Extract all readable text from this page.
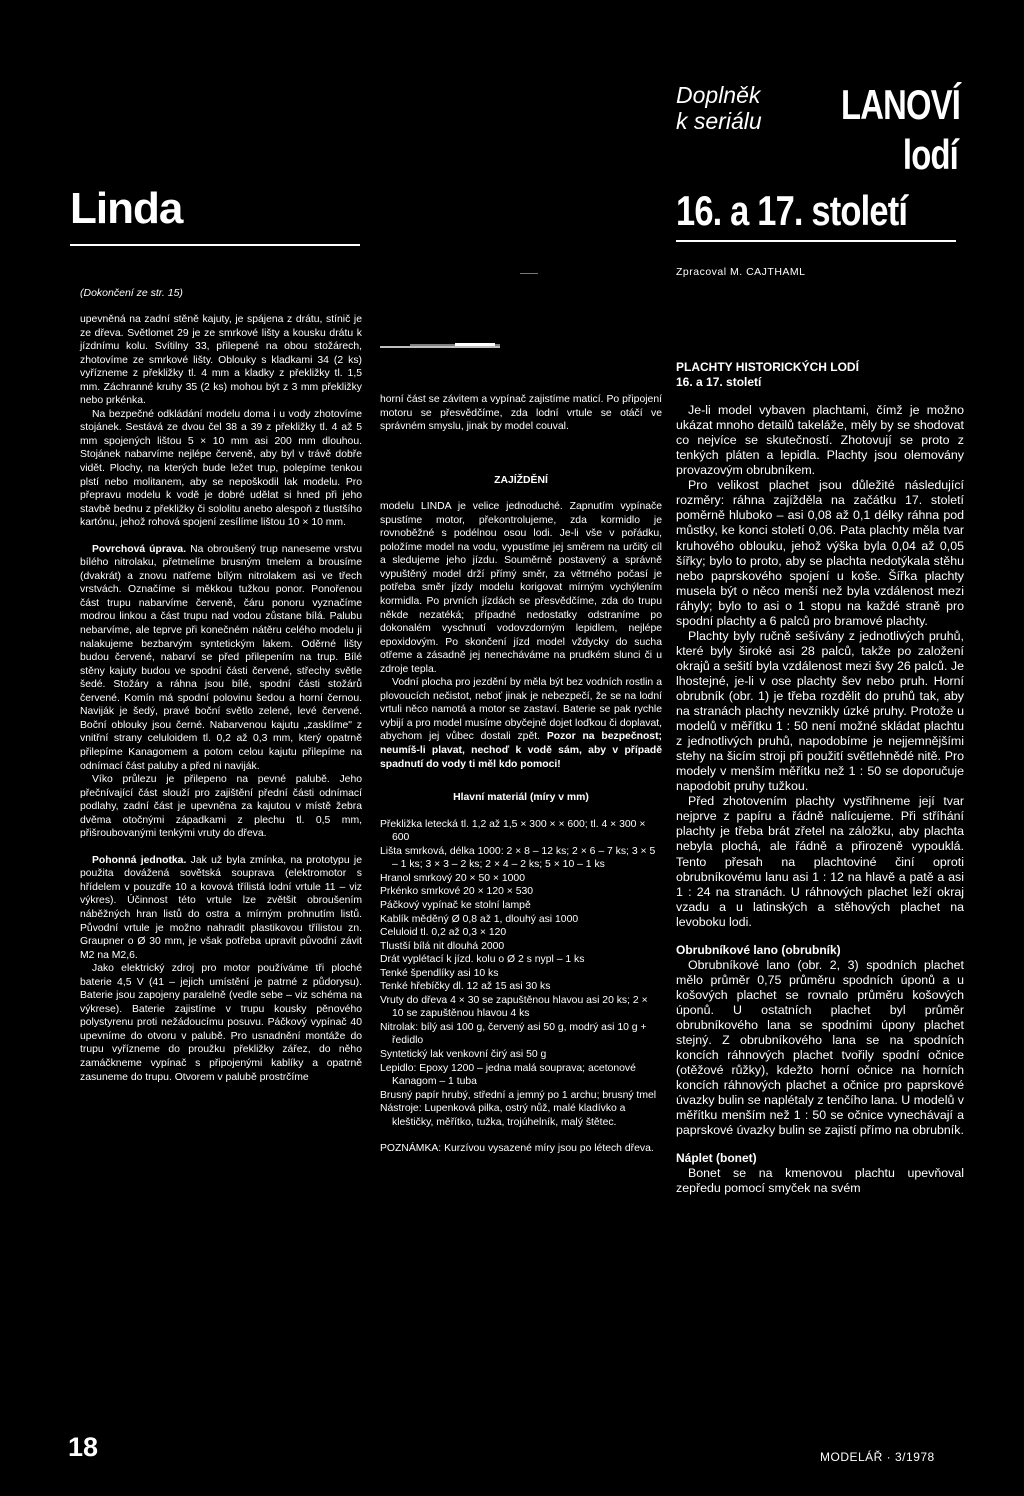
Linda
(Dokončení ze str. 15)
Doplněk
k seriálu LANOVÍ
lodí
16. a 17. století
Zpracoval M. CAJTHAML

upevněná na zadní stěně kajuty, je spájena z drátu, stínič je ze dřeva. Světlomet 29 je ze smrkové lišty a kousku drátu k jízdnímu kolu. Svítilny 33, přilepené na obou stožárech, zhotovíme ze smrkové lišty. Oblouky s kladkami 34 (2 ks) vyřízneme z překližky tl. 4 mm a kladky z překližky tl. 1,5 mm. Záchranné kruhy 35 (2 ks) mohou být z 3 mm překližky nebo prkénka.

Na bezpečné odkládání modelu doma i u vody zhotovíme stojánek. Sestává ze dvou čel 38 a 39 z překližky tl. 4 až 5 mm spojených lištou 5 × 10 mm asi 200 mm dlouhou. Stojánek nabarvíme nejlépe červeně, aby byl v trávě dobře vidět. Plochy, na kterých bude ležet trup, polepíme tenkou plstí nebo molitanem, aby se nepoškodil lak modelu. Pro přepravu modelu k vodě je dobré udělat si hned při jeho stavbě bednu z překližky či sololitu anebo alespoň z tlustšího kartónu, jehož rohová spojení zesílíme lištou 10 × 10 mm.

Povrchová úprava. Na obroušený trup naneseme vrstvu bílého nitrolaku, přetmelíme brusným tmelem a brousíme (dvakrát) a znovu natřeme bílým nitrolakem asi ve třech vrstvách. Označíme si měkkou tužkou ponor. Ponořenou část trupu nabarvíme červeně, čáru ponoru vyznačíme modrou linkou a část trupu nad vodou zůstane bílá. Palubu nebarvíme, ale teprve při konečném nátěru celého modelu ji nalakujeme bezbarvým syntetickým lakem. Oděrné lišty budou červené, nabarví se před přilepením na trup. Bílé stěny kajuty budou ve spodní části červené, střechy světle šedé. Stožáry a ráhna jsou bílé, spodní části stožárů červené. Komín má spodní polovinu šedou a horní černou. Naviják je šedý, pravé boční světlo zelené, levé červené. Boční oblouky jsou černé. Nabarvenou kajutu „zasklíme" z vnitřní strany celuloidem tl. 0,2 až 0,3 mm, který opatrně přilepíme Kanagomem a potom celou kajutu přilepíme na odnímací část paluby a před ni naviják.

Víko průlezu je přilepeno na pevné palubě. Jeho přečnívající část slouží pro zajištění přední části odnímací podlahy, zadní část je upevněna za kajutou v místě žebra dvěma otočnými západkami z plechu tl. 0,5 mm, přišroubovanými tenkými vruty do dřeva.

Pohonná jednotka. Jak už byla zmínka, na prototypu je použita dovážená sovětská souprava (elektromotor s hřídelem v pouzdře 10 a kovová třílistá lodní vrtule 11 – viz výkres). Účinnost této vrtule lze zvětšit obroušením náběžných hran listů do ostra a mírným prohnutím listů. Původní vrtule je možno nahradit plastikovou třílistou zn. Graupner o Ø 30 mm, je však potřeba upravit původní závit M2 na M2,6.

Jako elektrický zdroj pro motor používáme tři ploché baterie 4,5 V (41 – jejich umístění je patrné z půdorysu). Baterie jsou zapojeny paralelně (vedle sebe – viz schéma na výkrese). Baterie zajistíme v trupu kousky pěnového polystyrenu proti nežádoucímu posuvu. Páčkový vypínač 40 upevníme do otvoru v palubě. Pro usnadnění montáže do trupu vyřízneme do proužku překližky zářez, do něho zamáčkneme vypínač s připojenými kablíky a opatrně zasuneme do trupu. Otvorem v palubě prostrčíme

horní část se závitem a vypínač zajistíme maticí. Po připojení motoru se přesvědčíme, zda lodní vrtule se otáčí ve správném smyslu, jinak by model couval.

ZAJÍŽDĚNÍ

modelu LINDA je velice jednoduché. Zapnutím vypínače spustíme motor, překontrolujeme, zda kormidlo je rovnoběžné s podélnou osou lodi. Je-li vše v pořádku, položíme model na vodu, vypustíme jej směrem na určitý cíl a sledujeme jeho jízdu. Souměrně postavený a správně vypuštěný model drží přímý směr, za větrného počasí je potřeba směr jízdy modelu korigovat mírným vychýlením kormidla. Po prvních jízdách se přesvědčíme, zda do trupu někde nezatéká; případné nedostatky odstraníme po dokonalém vyschnutí vodovzdorným lepidlem, nejlépe epoxidovým. Po skončení jízd model vždycky do sucha otřeme a zásadně jej nenecháváme na prudkém slunci či u zdroje tepla.

Vodní plocha pro jezdění by měla být bez vodních rostlin a plovoucích nečistot, neboť jinak je nebezpečí, že se na lodní vrtuli něco namotá a motor se zastaví. Baterie se pak rychle vybijí a pro model musíme obyčejně dojet loďkou či doplavat, abychom jej vůbec dostali zpět. Pozor na bezpečnost; neumíš-li plavat, nechoď k vodě sám, aby v případě spadnutí do vody ti měl kdo pomoci!

Hlavní materiál (míry v mm)

Překližka letecká tl. 1,2 až 1,5 × 300 × × 600; tl. 4 × 300 × 600
Lišta smrková, délka 1000: 2 × 8 – 12 ks; 2 × 6 – 7 ks; 3 × 5 – 1 ks; 3 × 3 – 2 ks; 2 × 4 – 2 ks; 5 × 10 – 1 ks
Hranol smrkový 20 × 50 × 1000
Prkénko smrkové 20 × 120 × 530
Páčkový vypínač ke stolní lampě
Kablík měděný Ø 0,8 až 1, dlouhý asi 1000
Celuloid tl. 0,2 až 0,3 × 120
Tlustší bílá nit dlouhá 2000
Drát vyplétací k jízd. kolu o Ø 2 s nypl – 1 ks
Tenké špendlíky asi 10 ks
Tenké hřebíčky dl. 12 až 15 asi 30 ks
Vruty do dřeva 4 × 30 se zapuštěnou hlavou asi 20 ks; 2 × 10 se zapuštěnou hlavou 4 ks
Nitrolak: bílý asi 100 g, červený asi 50 g, modrý asi 10 g + ředidlo
Syntetický lak venkovní čirý asi 50 g
Lepidlo: Epoxy 1200 – jedna malá souprava; acetonové Kanagom – 1 tuba
Brusný papír hrubý, střední a jemný po 1 archu; brusný tmel
Nástroje: Lupenková pilka, ostrý nůž, malé kladívko a kleštičky, měřítko, tužka, trojúhelník, malý štětec.

POZNÁMKA: Kurzívou vysazené míry jsou po létech dřeva.

PLACHTY HISTORICKÝCH LODÍ

16. a 17. století

Je-li model vybaven plachtami, čímž je možno ukázat mnoho detailů takeláže, měly by se shodovat co nejvíce se skutečností. Zhotovují se proto z tenkých pláten a lepidla. Plachty jsou olemovány provazovým obrubníkem.

Pro velikost plachet jsou důležité následující rozměry: ráhna zajížděla na začátku 17. století poměrně hluboko – asi 0,08 až 0,1 délky ráhna pod můstky, ke konci století 0,06. Pata plachty měla tvar kruhového oblouku, jehož výška byla 0,04 až 0,05 šířky; bylo to proto, aby se plachta nedotýkala stěhu nebo paprskového spojení u koše. Šířka plachty musela být o něco menší než byla vzdálenost mezi ráhyly; bylo to asi o 1 stopu na každé straně pro spodní plachty a 6 palců pro bramové plachty.

Plachty byly ručně sešívány z jednotlivých pruhů, které byly široké asi 28 palců, takže po založení okrajů a sešití byla vzdálenost mezi švy 26 palců. Je lhostejné, je-li v ose plachty šev nebo pruh. Horní obrubník (obr. 1) je třeba rozdělit do pruhů tak, aby na stranách plachty nevznikly úzké pruhy. Protože u modelů v měřítku 1 : 50 není možné skládat plachtu z jednotlivých pruhů, napodobíme je nejjemnějšími stehy na šicím stroji při použití světlehnědé nitě. Pro modely v menším měřítku než 1 : 50 se doporučuje napodobit pruhy tužkou.

Před zhotovením plachty vystřihneme její tvar nejprve z papíru a řádně nalícujeme. Při stříhání plachty je třeba brát zřetel na záložku, aby plachta nebyla plochá, ale řádně a přirozeně vypouklá. Tento přesah na plachtoviné činí oproti obrubníkovému lanu asi 1 : 12 na hlavě a patě a asi 1 : 24 na stranách. U ráhnových plachet leží okraj vzadu a u latinských a stěhových plachet na levoboku lodi.

Obrubníkové lano (obrubník)

Obrubníkové lano (obr. 2, 3) spodních plachet mělo průměr 0,75 průměru spodních úponů a u košových plachet se rovnalo průměru košových úponů. U ostatních plachet byl průměr obrubníkového lana se spodními úpony plachet stejný. Z obrubníkového lana se na spodních koncích ráhnových plachet tvořily spodní očnice (otěžové růžky), kdežto horní očnice na horních koncích ráhnových plachet a očnice pro paprskové úvazky bulin se naplétaly z tenčího lana. U modelů v měřítku menším než 1 : 50 se očnice vynechávají a paprskové úvazky bulin se zajistí přímo na obrubník.

Náplet (bonet)

Bonet se na kmenovou plachtu upevňoval zepředu pomocí smyček na svém

18	MODELÁŘ · 3/1978
